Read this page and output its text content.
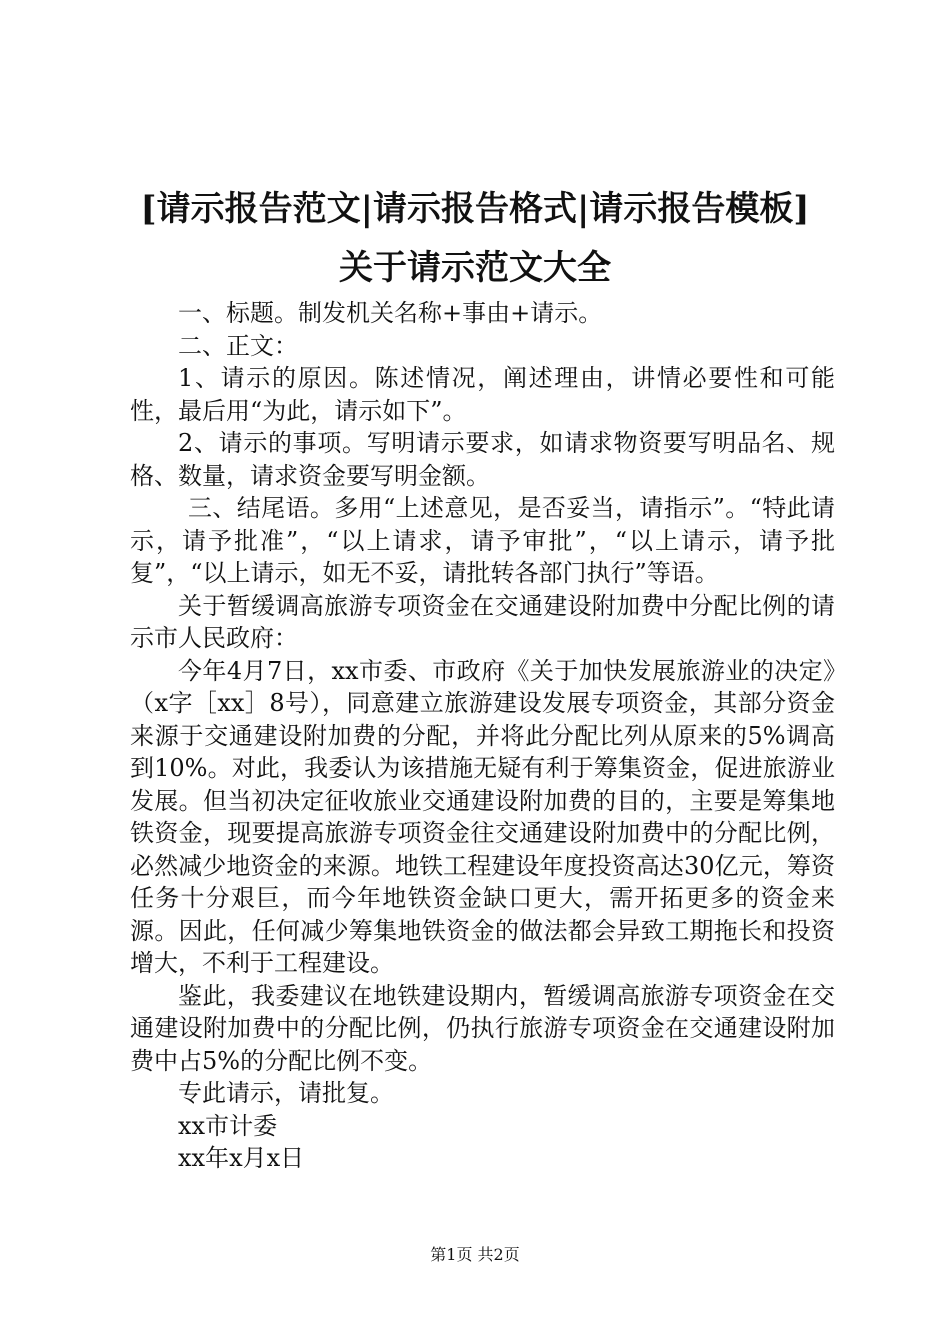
[请示报告范文|请示报告格式|请示报告模板]
关于请示范文大全

一、标题。制发机关名称+事由+请示。

二、正文：

1、请示的原因。陈述情况，阐述理由，讲情必要性和可能性，最后用“为此，请示如下”。

2、请示的事项。写明请示要求，如请求物资要写明品名、规格、数量，请求资金要写明金额。

三、结尾语。多用“上述意见，是否妥当，请指示”。“特此请示，请予批准”，“以上请求，请予审批”，“以上请示，请予批复”，“以上请示，如无不妥，请批转各部门执行”等语。

关于暂缓调高旅游专项资金在交通建设附加费中分配比例的请示市人民政府：

今年4月7日，xx市委、市政府《关于加快发展旅游业的决定》（x字［xx］8号），同意建立旅游建设发展专项资金，其部分资金来源于交通建设附加费的分配，并将此分配比列从原来的5%调高到10%。对此，我委认为该措施无疑有利于筹集资金，促进旅游业发展。但当初决定征收旅业交通建设附加费的目的，主要是筹集地铁资金，现要提高旅游专项资金往交通建设附加费中的分配比例，必然减少地资金的来源。地铁工程建设年度投资高达30亿元，筹资任务十分艰巨，而今年地铁资金缺口更大，需开拓更多的资金来源。因此，任何减少筹集地铁资金的做法都会异致工期拖长和投资增大，不利于工程建设。

鉴此，我委建议在地铁建设期内，暂缓调高旅游专项资金在交通建设附加费中的分配比例，仍执行旅游专项资金在交通建设附加费中占5%的分配比例不变。

专此请示，请批复。

xx市计委

xx年x月x日

第1页 共2页
